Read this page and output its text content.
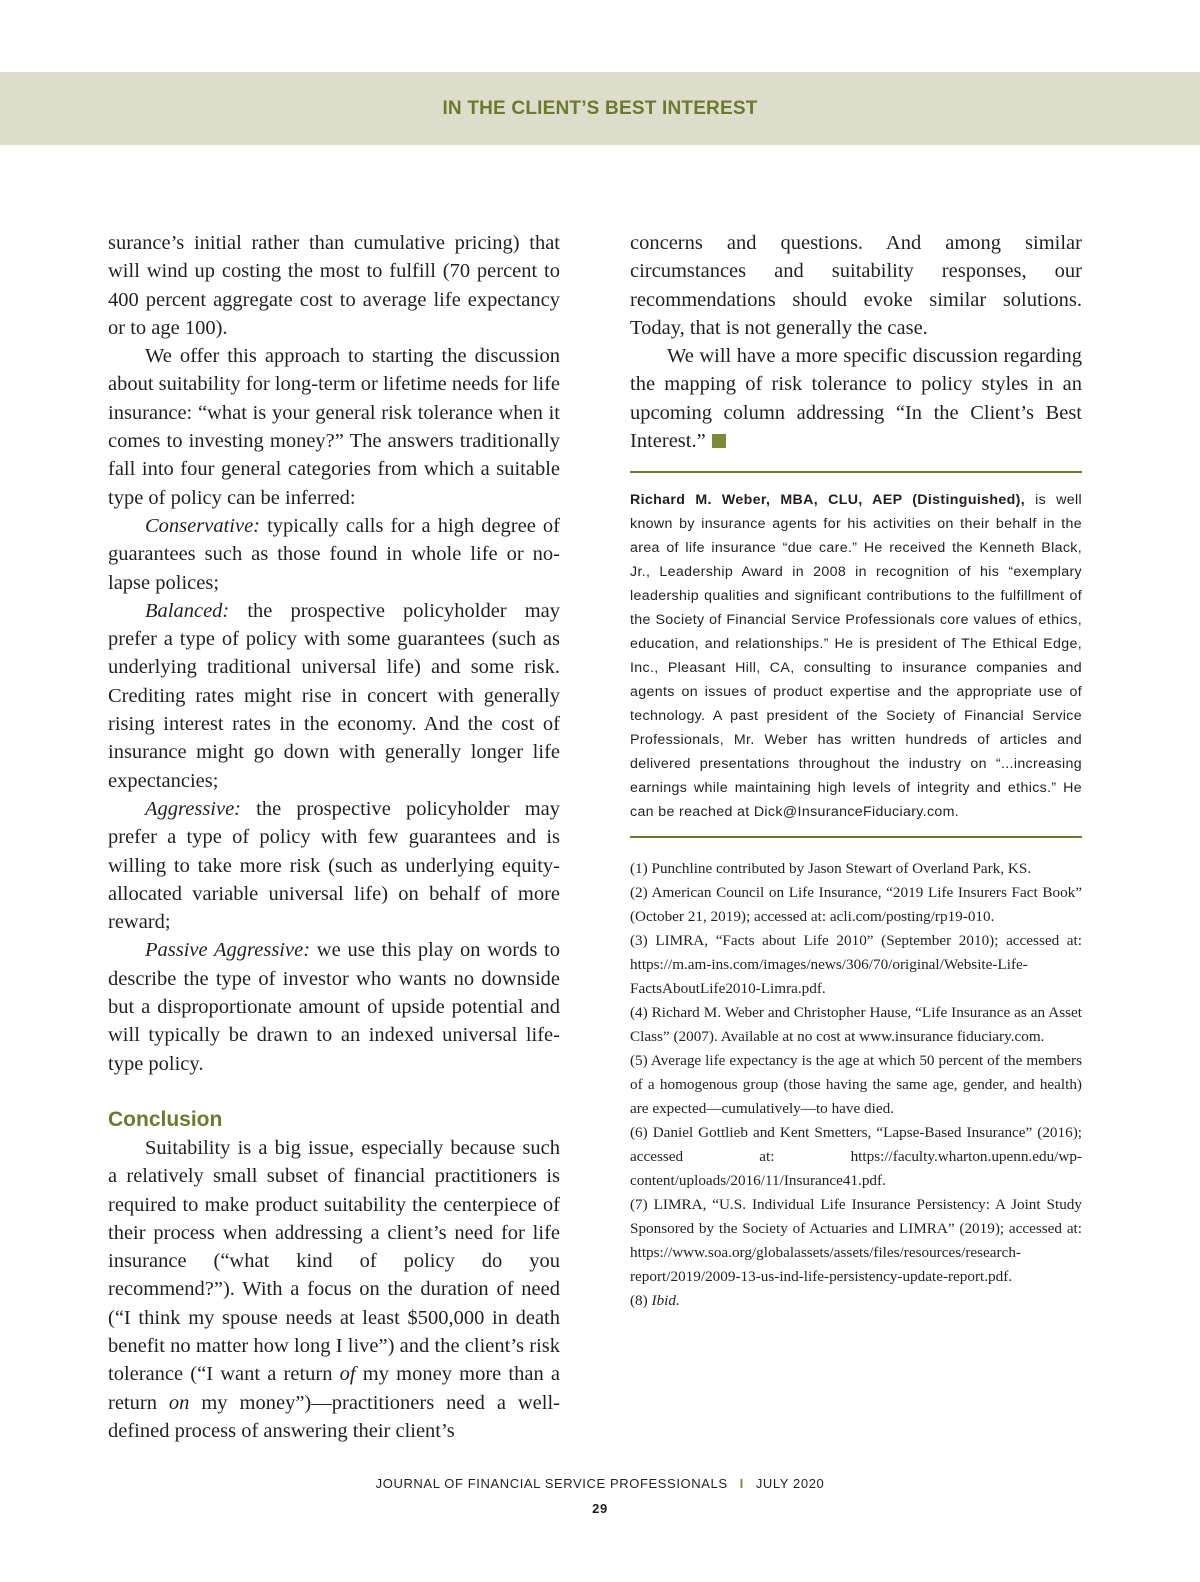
IN THE CLIENT’S BEST INTEREST

surance’s initial rather than cumulative pricing) that will wind up costing the most to fulfill (70 percent to 400 percent aggregate cost to average life expectancy or to age 100).

We offer this approach to starting the discussion about suitability for long-term or lifetime needs for life insurance: “what is your general risk tolerance when it comes to investing money?” The answers traditionally fall into four general categories from which a suitable type of policy can be inferred:

Conservative: typically calls for a high degree of guarantees such as those found in whole life or no-lapse polices;

Balanced: the prospective policyholder may prefer a type of policy with some guarantees (such as underlying traditional universal life) and some risk. Crediting rates might rise in concert with generally rising interest rates in the economy. And the cost of insurance might go down with generally longer life expectancies;

Aggressive: the prospective policyholder may prefer a type of policy with few guarantees and is willing to take more risk (such as underlying equity-allocated variable universal life) on behalf of more reward;

Passive Aggressive: we use this play on words to describe the type of investor who wants no downside but a disproportionate amount of upside potential and will typically be drawn to an indexed universal life-type policy.

Conclusion

Suitability is a big issue, especially because such a relatively small subset of financial practitioners is required to make product suitability the centerpiece of their process when addressing a client’s need for life insurance (“what kind of policy do you recommend?”). With a focus on the duration of need (“I think my spouse needs at least $500,000 in death benefit no matter how long I live”) and the client’s risk tolerance (“I want a return of my money more than a return on my money”)—practitioners need a well-defined process of answering their client’s

concerns and questions. And among similar circumstances and suitability responses, our recommendations should evoke similar solutions. Today, that is not generally the case.

We will have a more specific discussion regarding the mapping of risk tolerance to policy styles in an upcoming column addressing “In the Client’s Best Interest.”

Richard M. Weber, MBA, CLU, AEP (Distinguished), is well known by insurance agents for his activities on their behalf in the area of life insurance “due care.” He received the Kenneth Black, Jr., Leadership Award in 2008 in recognition of his “exemplary leadership qualities and significant contributions to the fulfillment of the Society of Financial Service Professionals core values of ethics, education, and relationships.” He is president of The Ethical Edge, Inc., Pleasant Hill, CA, consulting to insurance companies and agents on issues of product expertise and the appropriate use of technology. A past president of the Society of Financial Service Professionals, Mr. Weber has written hundreds of articles and delivered presentations throughout the industry on “...increasing earnings while maintaining high levels of integrity and ethics.” He can be reached at Dick@InsuranceFiduciary.com.

(1) Punchline contributed by Jason Stewart of Overland Park, KS.

(2) American Council on Life Insurance, “2019 Life Insurers Fact Book” (October 21, 2019); accessed at: acli.com/posting/rp19-010.

(3) LIMRA, “Facts about Life 2010” (September 2010); accessed at: https://m.am-ins.com/images/news/306/70/original/Website-Life-FactsAboutLife2010-Limra.pdf.

(4) Richard M. Weber and Christopher Hause, “Life Insurance as an Asset Class” (2007). Available at no cost at www.insurance fiduciary.com.

(5) Average life expectancy is the age at which 50 percent of the members of a homogenous group (those having the same age, gender, and health) are expected—cumulatively—to have died.

(6) Daniel Gottlieb and Kent Smetters, “Lapse-Based Insurance” (2016); accessed at: https://faculty.wharton.upenn.edu/wp-content/uploads/2016/11/Insurance41.pdf.

(7) LIMRA, “U.S. Individual Life Insurance Persistency: A Joint Study Sponsored by the Society of Actuaries and LIMRA” (2019); accessed at: https://www.soa.org/globalassets/assets/files/resources/research-report/2019/2009-13-us-ind-life-persistency-update-report.pdf.

(8) Ibid.

JOURNAL OF FINANCIAL SERVICE PROFESSIONALS I JULY 2020
29
